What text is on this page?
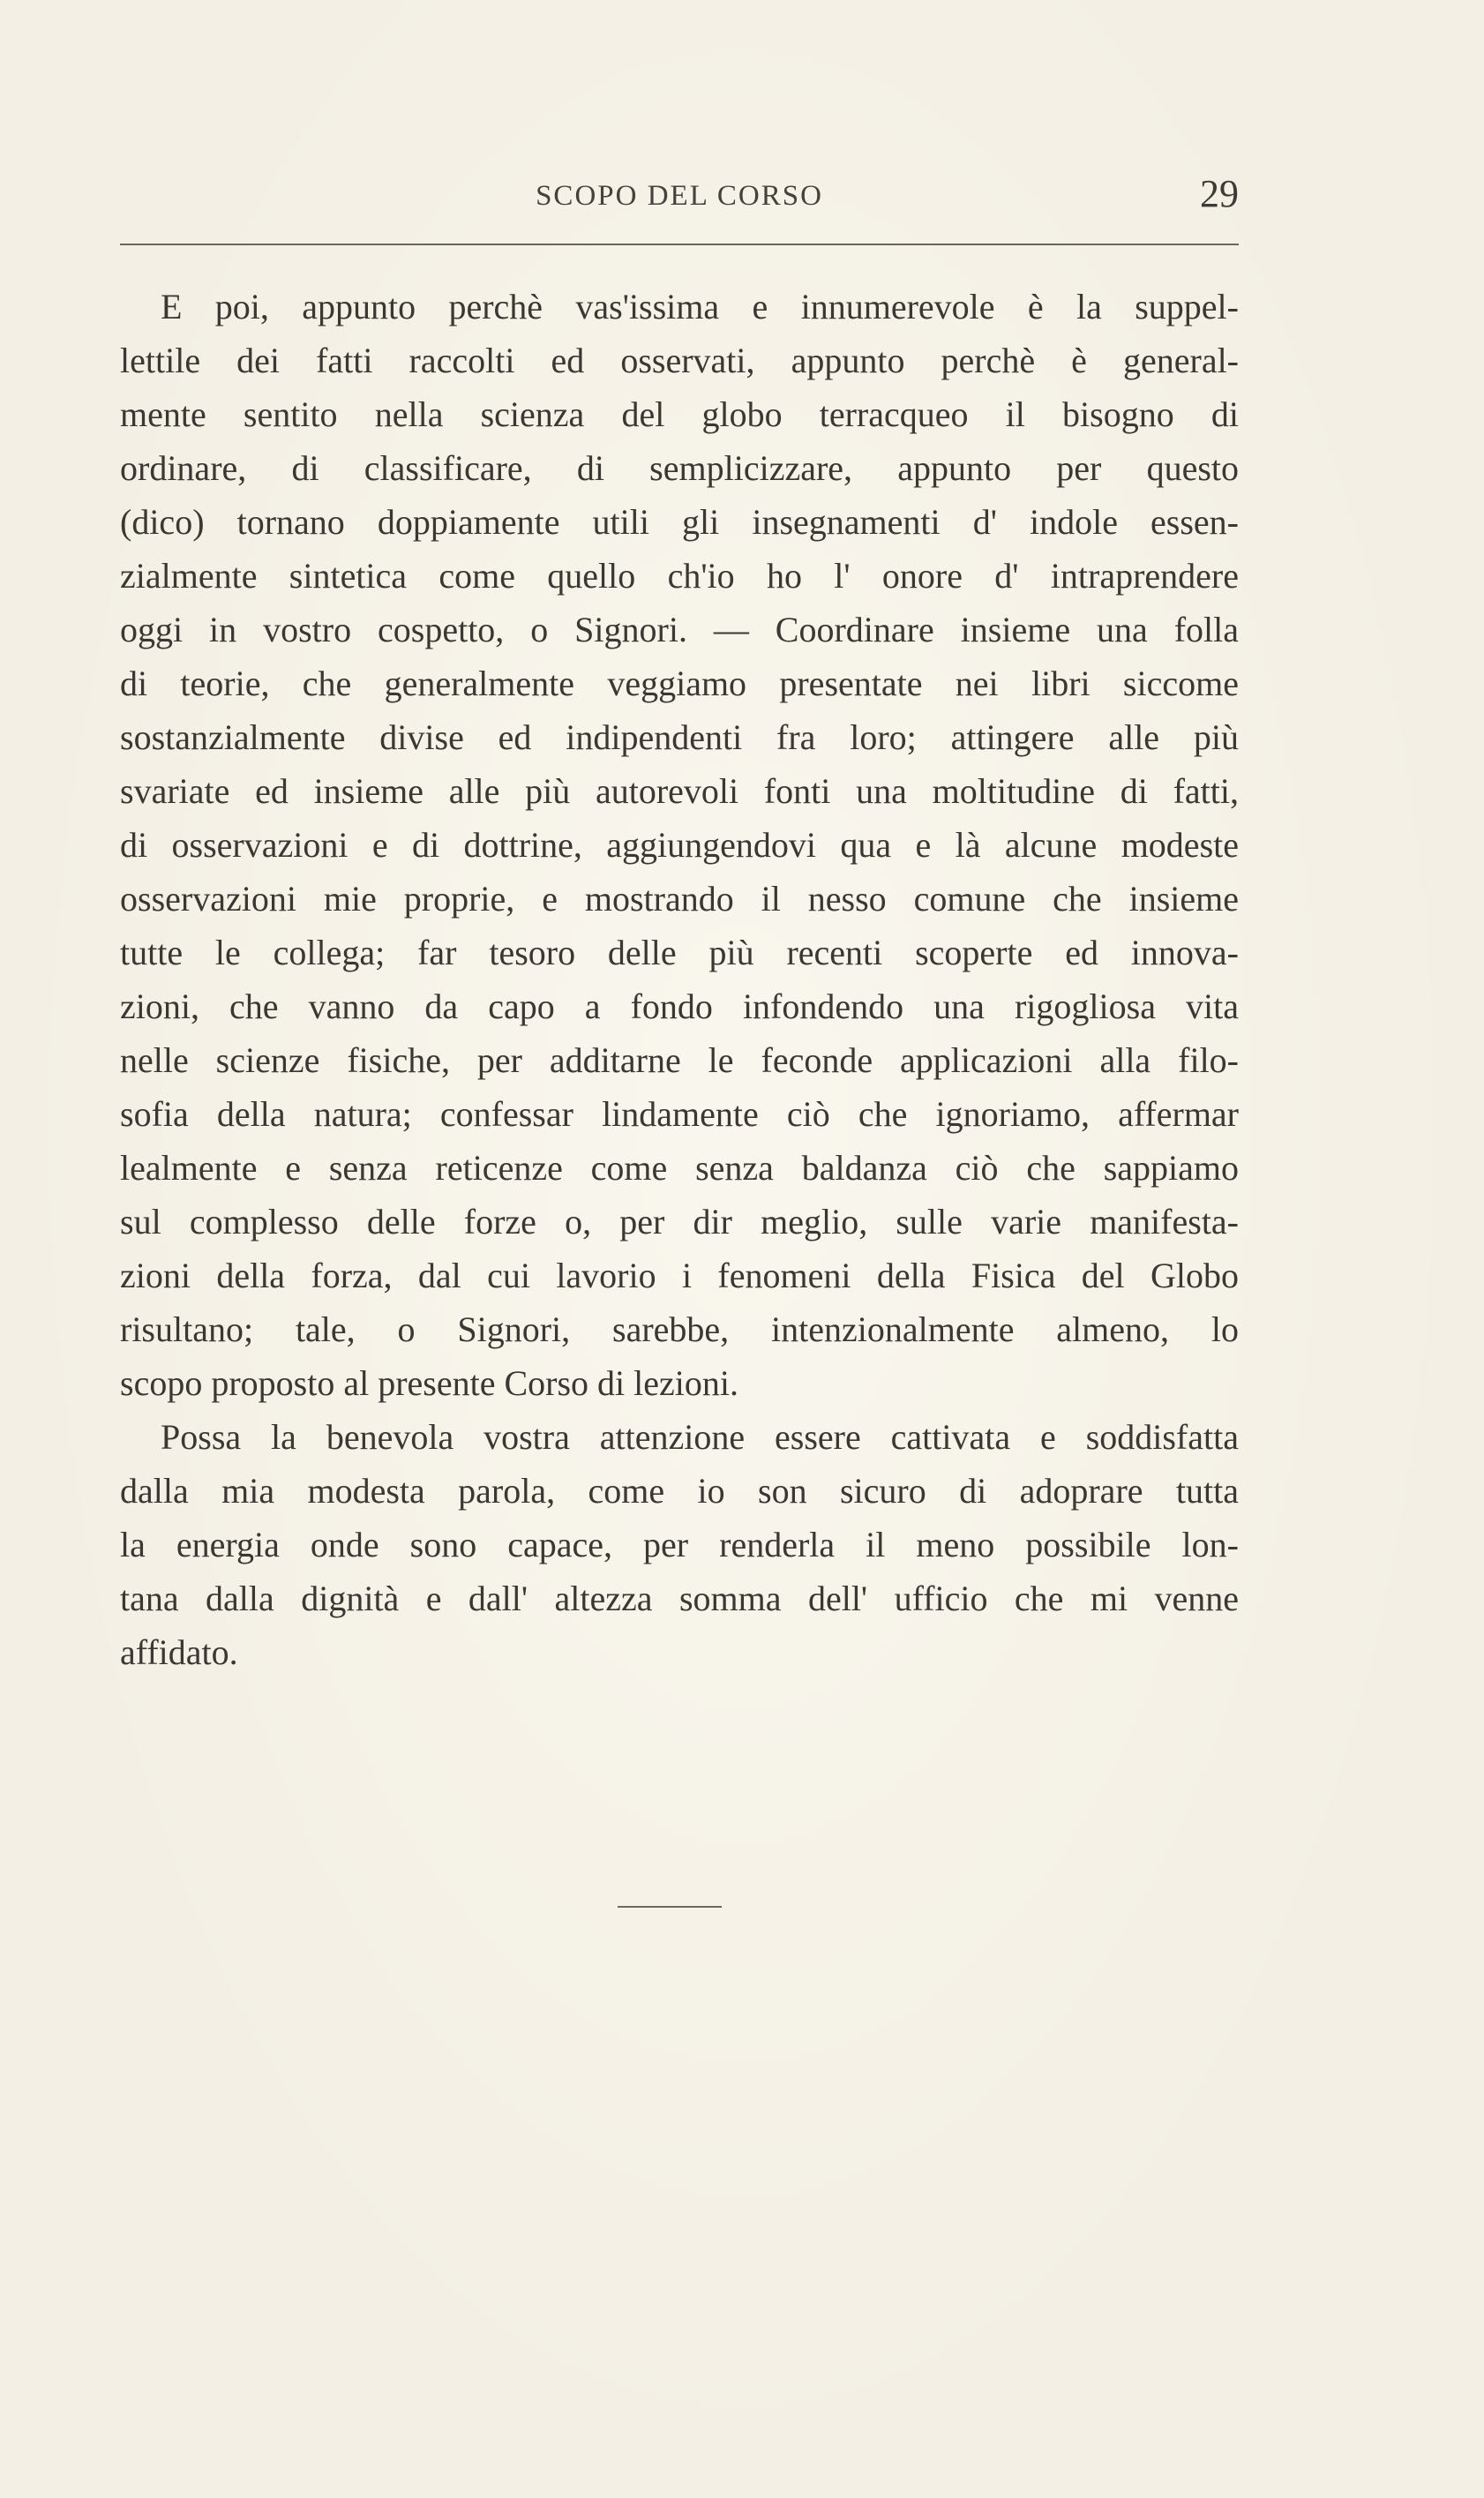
SCOPO DEL CORSO	29
E poi, appunto perchè vas'issima e innumerevole è la suppel-
lettile dei fatti raccolti ed osservati, appunto perchè è general-
mente sentito nella scienza del globo terracqueo il bisogno di
ordinare, di classificare, di semplicizzare, appunto per questo
(dico) tornano doppiamente utili gli insegnamenti d' indole essen-
zialmente sintetica come quello ch'io ho l' onore d' intraprendere
oggi in vostro cospetto, o Signori. — Coordinare insieme una folla
di teorie, che generalmente veggiamo presentate nei libri siccome
sostanzialmente divise ed indipendenti fra loro; attingere alle più
svariate ed insieme alle più autorevoli fonti una moltitudine di fatti,
di osservazioni e di dottrine, aggiungendovi qua e là alcune modeste
osservazioni mie proprie, e mostrando il nesso comune che insieme
tutte le collega; far tesoro delle più recenti scoperte ed innova-
zioni, che vanno da capo a fondo infondendo una rigogliosa vita
nelle scienze fisiche, per additarne le feconde applicazioni alla filo-
sofia della natura; confessar lindamente ciò che ignoriamo, affermar
lealmente e senza reticenze come senza baldanza ciò che sappiamo
sul complesso delle forze o, per dir meglio, sulle varie manifesta-
zioni della forza, dal cui lavorio i fenomeni della Fisica del Globo
risultano; tale, o Signori, sarebbe, intenzionalmente almeno, lo
scopo proposto al presente Corso di lezioni.
Possa la benevola vostra attenzione essere cattivata e soddisfatta
dalla mia modesta parola, come io son sicuro di adoprare tutta
la energia onde sono capace, per renderla il meno possibile lon-
tana dalla dignità e dall' altezza somma dell' ufficio che mi venne
affidato.
